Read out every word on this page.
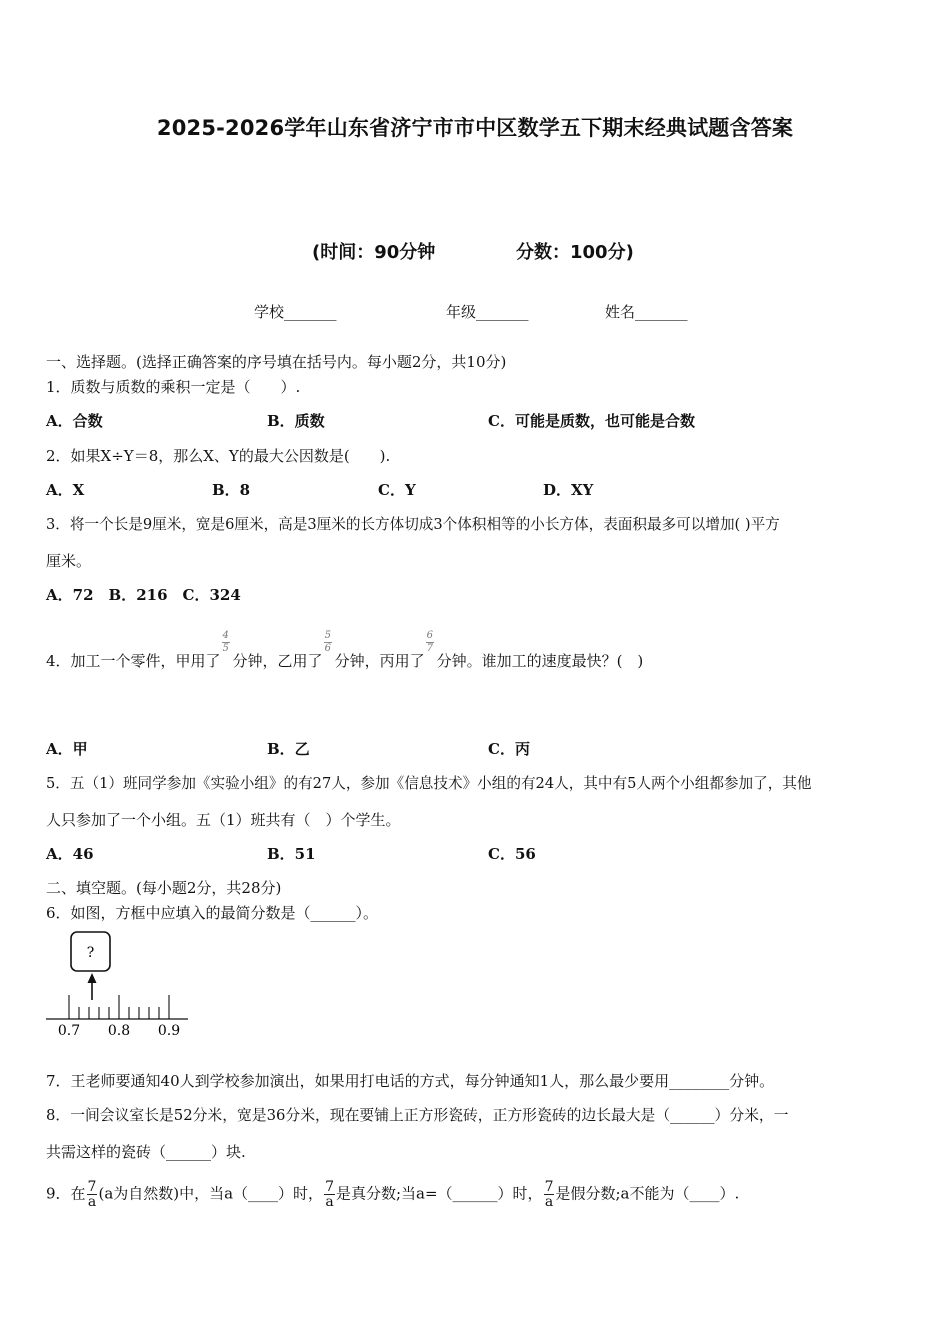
2025-2026学年山东省济宁市市中区数学五下期末经典试题含答案
(时间：90分钟	分数：100分)
学校_______	年级_______	姓名_______
一、选择题。(选择正确答案的序号填在括号内。每小题2分，共10分)
1．质数与质数的乘积一定是（　　）.
A．合数	B．质数	C．可能是质数，也可能是合数
2．如果X÷Y＝8，那么X、Y的最大公因数是(　　).
A．X	B．8	C．Y	D．XY
3．将一个长是9厘米，宽是6厘米，高是3厘米的长方体切成3个体积相等的小长方体，表面积最多可以增加( )平方
厘米。
A．72　B．216　C．324
4．加工一个零件，甲用了 $\frac{4}{5}$ 分钟，乙用了 $\frac{5}{6}$ 分钟，丙用了 $\frac{6}{7}$ 分钟。谁加工的速度最快？(　)
A．甲	B．乙	C．丙
5．五（1）班同学参加《实验小组》的有27人，参加《信息技术》小组的有24人，其中有5人两个小组都参加了，其他
人只参加了一个小组。五（1）班共有（　）个学生。
A．46	B．51	C．56
二、填空题。(每小题2分，共28分)
6．如图，方框中应填入的最简分数是（______）。
?
0.7 0.8 0.9
7．王老师要通知40人到学校参加演出，如果用打电话的方式，每分钟通知1人，那么最少要用________分钟。
8．一间会议室长是52分米，宽是36分米，现在要铺上正方形瓷砖，正方形瓷砖的边长最大是（______）分米，一
共需这样的瓷砖（______）块.
9．在 $\frac{7}{a} (a$为自然数)中，当a（____）时， $\frac{7}{a}$ 是真分数;当a=（______）时， $\frac{7}{a}$ 是假分数;a不能为（____）.
